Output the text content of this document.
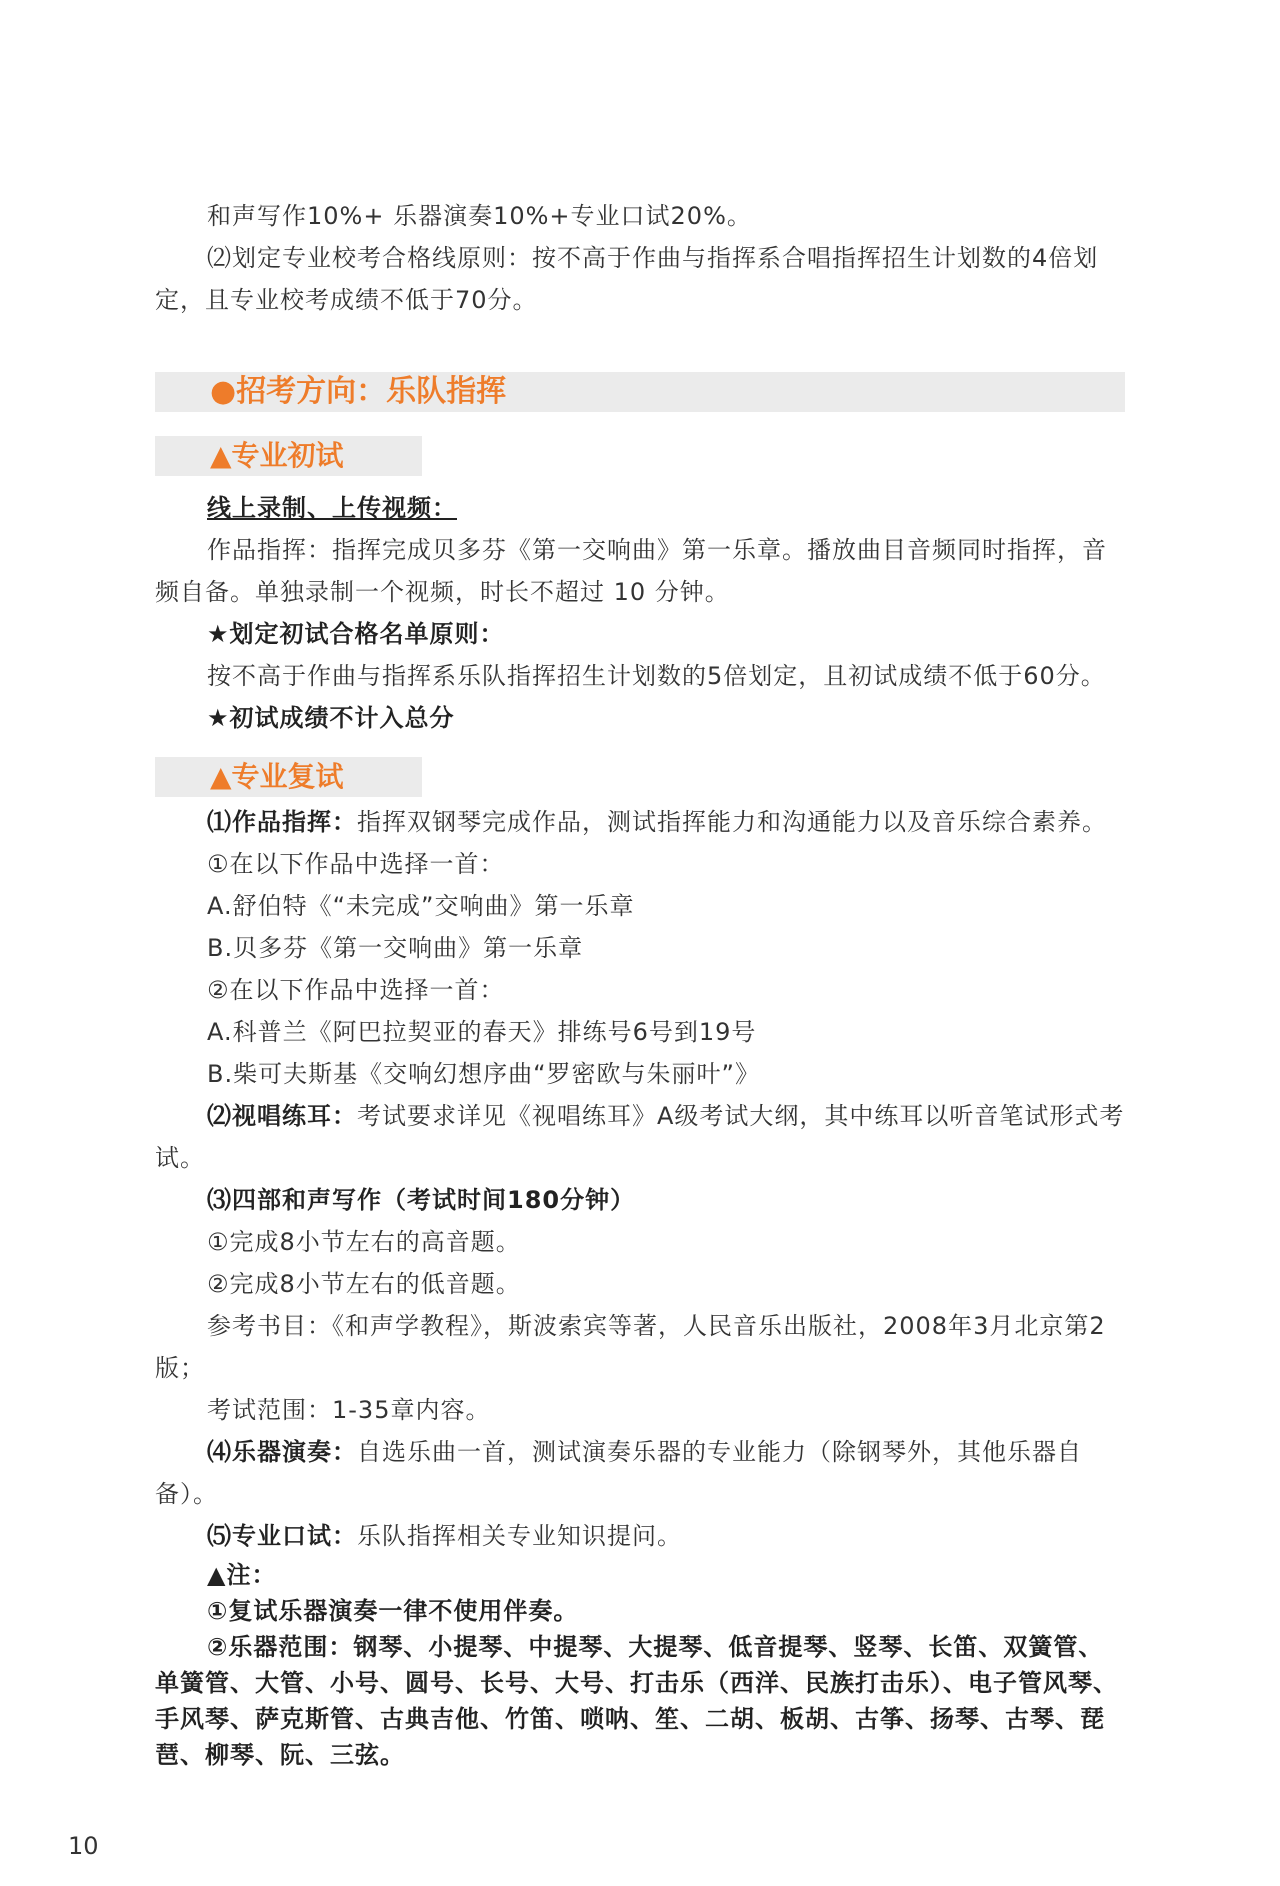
和声写作10%+ 乐器演奏10%+专业口试20%。

⑵划定专业校考合格线原则：按不高于作曲与指挥系合唱指挥招生计划数的4倍划定，且专业校考成绩不低于70分。

●招考方向：乐队指挥
▲专业初试

线上录制、上传视频：

作品指挥：指挥完成贝多芬《第一交响曲》第一乐章。播放曲目音频同时指挥，音频自备。单独录制一个视频，时长不超过 10 分钟。

★划定初试合格名单原则：

按不高于作曲与指挥系乐队指挥招生计划数的5倍划定，且初试成绩不低于60分。

★初试成绩不计入总分

▲专业复试

⑴作品指挥：指挥双钢琴完成作品，测试指挥能力和沟通能力以及音乐综合素养。

①在以下作品中选择一首：

A.舒伯特《“未完成”交响曲》第一乐章

B.贝多芬《第一交响曲》第一乐章

②在以下作品中选择一首：

A.科普兰《阿巴拉契亚的春天》排练号6号到19号

B.柴可夫斯基《交响幻想序曲“罗密欧与朱丽叶”》

⑵视唱练耳：考试要求详见《视唱练耳》A级考试大纲，其中练耳以听音笔试形式考试。

⑶四部和声写作（考试时间180分钟）

①完成8小节左右的高音题。

②完成8小节左右的低音题。

参考书目：《和声学教程》，斯波索宾等著，人民音乐出版社，2008年3月北京第2版；

考试范围：1-35章内容。

⑷乐器演奏：自选乐曲一首，测试演奏乐器的专业能力（除钢琴外，其他乐器自备）。

⑸专业口试：乐队指挥相关专业知识提问。

▲注：

①复试乐器演奏一律不使用伴奏。

②乐器范围：钢琴、小提琴、中提琴、大提琴、低音提琴、竖琴、长笛、双簧管、单簧管、大管、小号、圆号、长号、大号、打击乐（西洋、民族打击乐）、电子管风琴、手风琴、萨克斯管、古典吉他、竹笛、唢呐、笙、二胡、板胡、古筝、扬琴、古琴、琵琶、柳琴、阮、三弦。

10
